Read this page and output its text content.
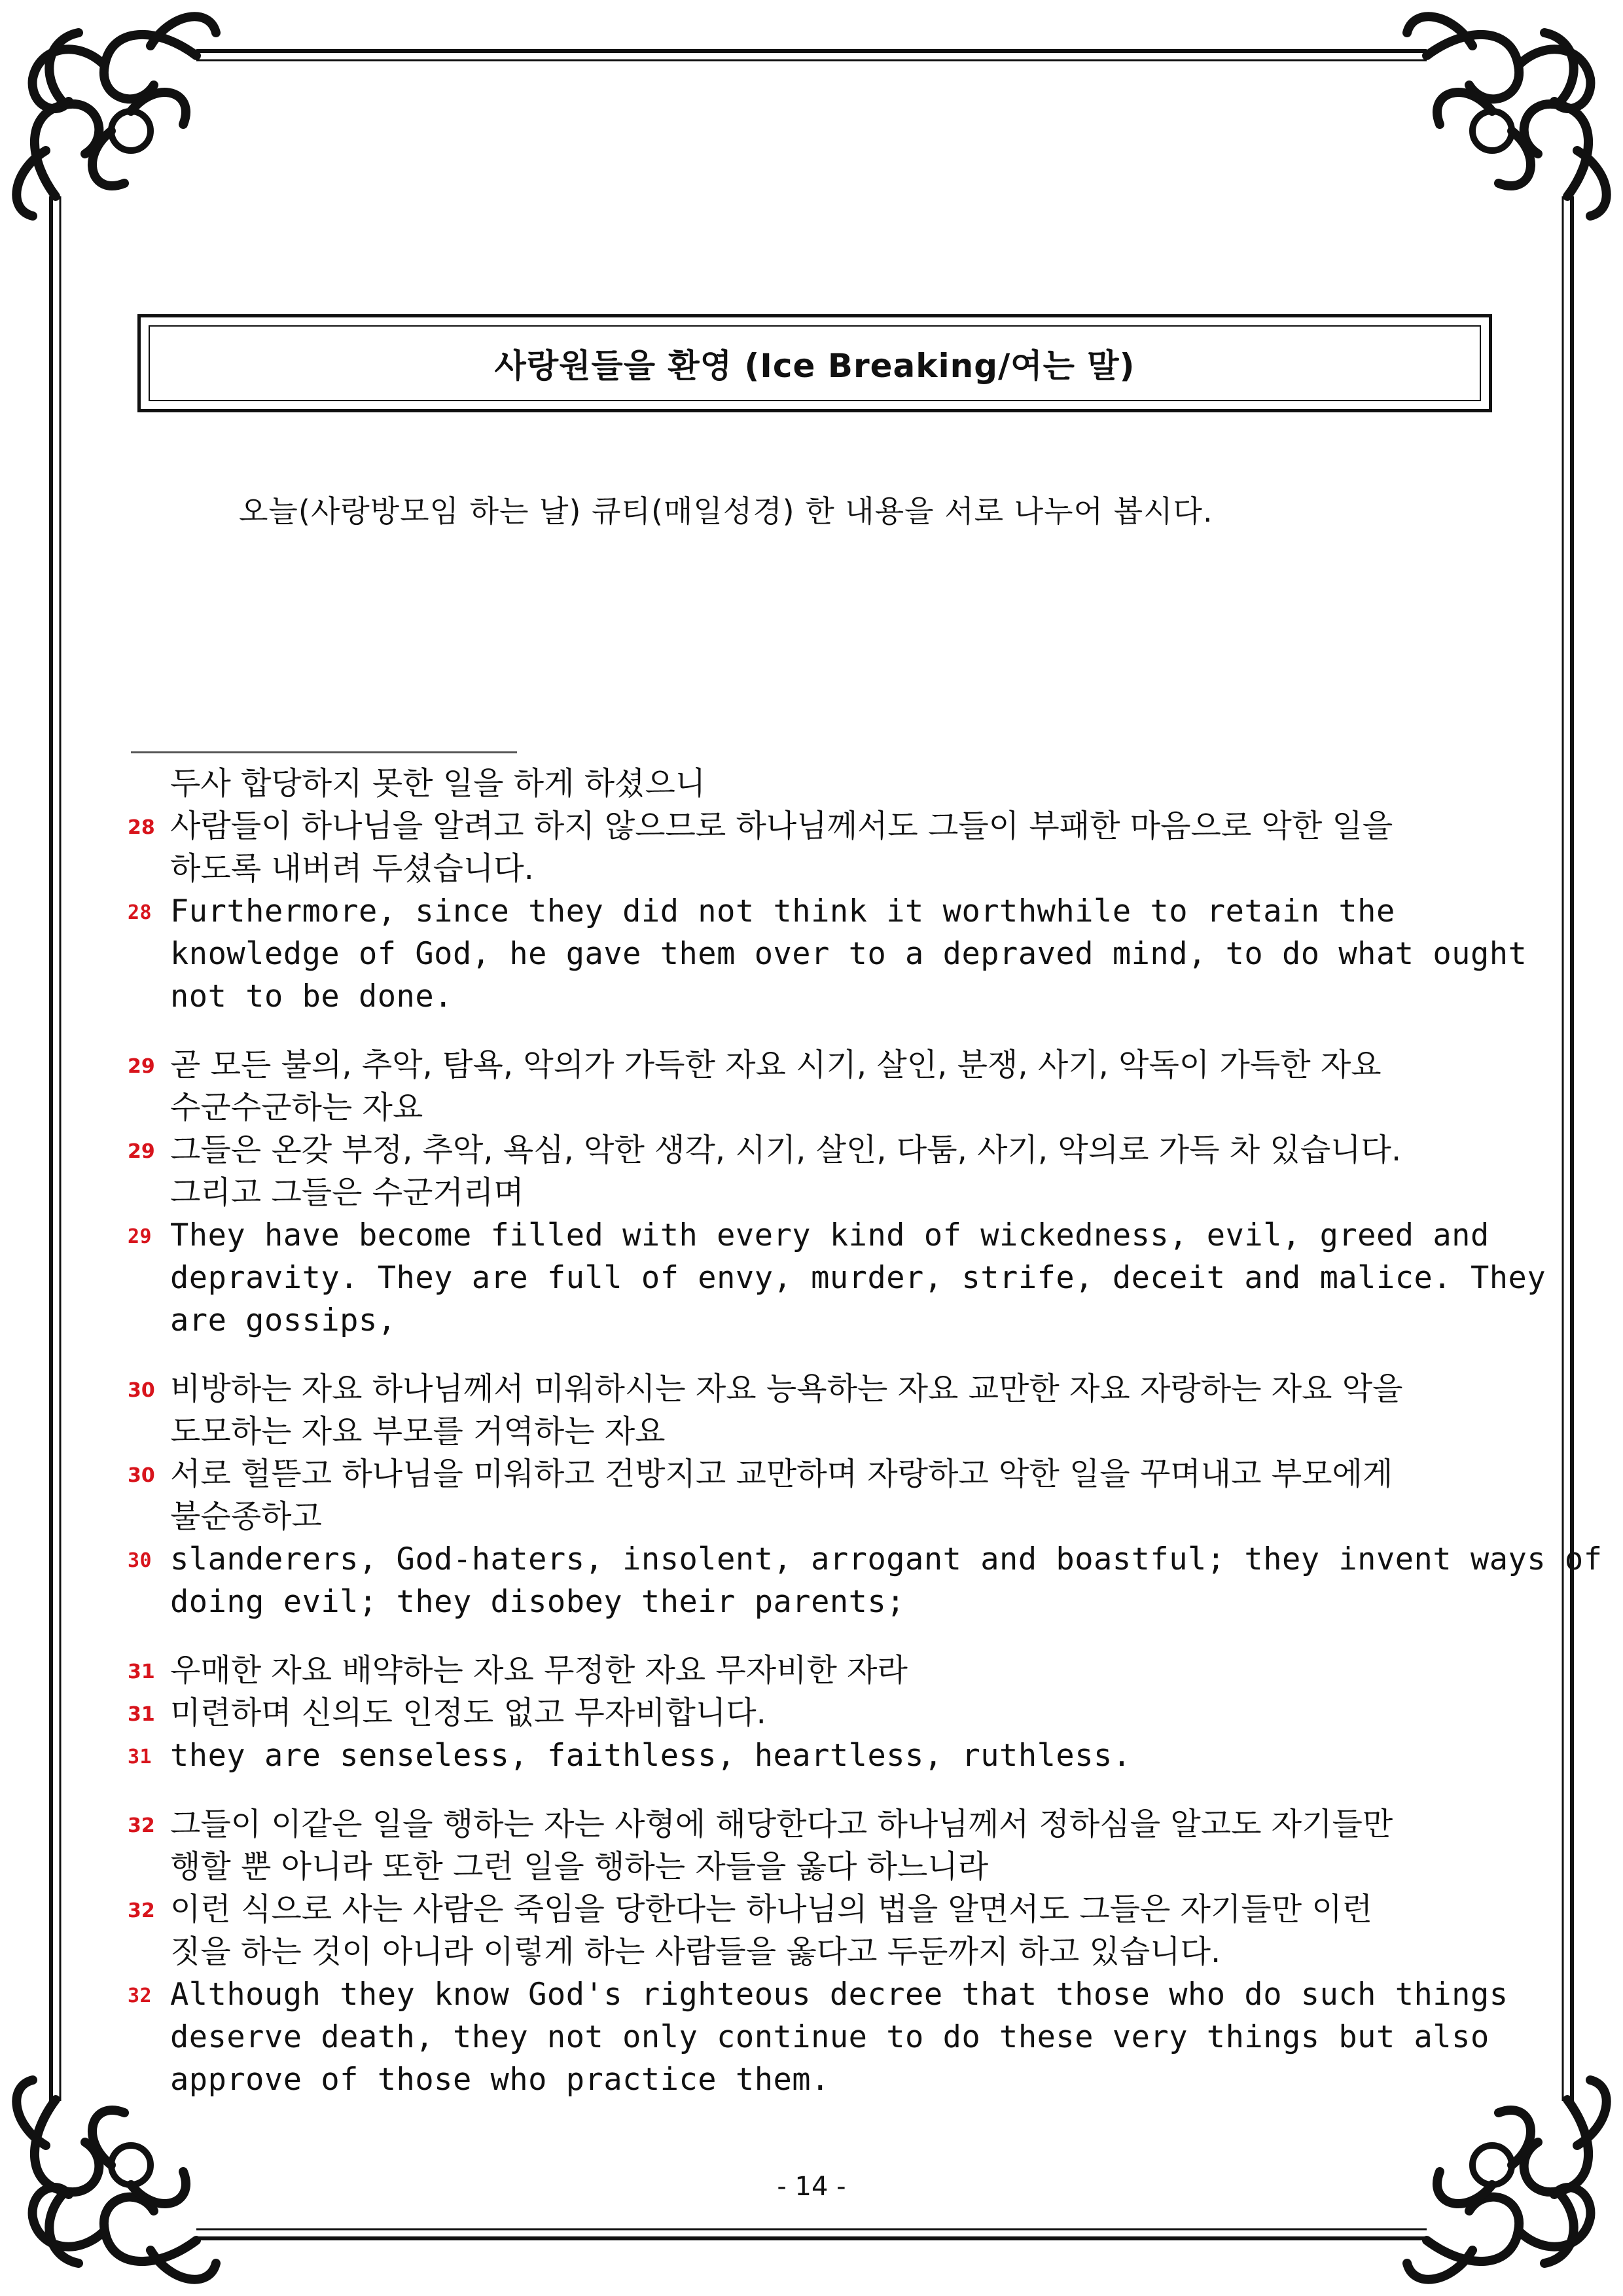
사랑원들을 환영 (Ice Breaking/여는 말)
오늘(사랑방모임 하는 날) 큐티(매일성경) 한 내용을 서로 나누어 봅시다.
두사 합당하지 못한 일을 하게 하셨으니
28 사람들이 하나님을 알려고 하지 않으므로 하나님께서도 그들이 부패한 마음으로 악한 일을
하도록 내버려 두셨습니다.
28 Furthermore, since they did not think it worthwhile to retain the
knowledge of God, he gave them over to a depraved mind, to do what ought
not to be done.
29 곧 모든 불의, 추악, 탐욕, 악의가 가득한 자요 시기, 살인, 분쟁, 사기, 악독이 가득한 자요
수군수군하는 자요
29 그들은 온갖 부정, 추악, 욕심, 악한 생각, 시기, 살인, 다툼, 사기, 악의로 가득 차 있습니다.
그리고 그들은 수군거리며
29 They have become filled with every kind of wickedness, evil, greed and
depravity. They are full of envy, murder, strife, deceit and malice. They
are gossips,
30 비방하는 자요 하나님께서 미워하시는 자요 능욕하는 자요 교만한 자요 자랑하는 자요 악을
도모하는 자요 부모를 거역하는 자요
30 서로 헐뜯고 하나님을 미워하고 건방지고 교만하며 자랑하고 악한 일을 꾸며내고 부모에게
불순종하고
30 slanderers, God-haters, insolent, arrogant and boastful; they invent ways of
doing evil; they disobey their parents;
31 우매한 자요 배약하는 자요 무정한 자요 무자비한 자라
31 미련하며 신의도 인정도 없고 무자비합니다.
31 they are senseless, faithless, heartless, ruthless.
32 그들이 이같은 일을 행하는 자는 사형에 해당한다고 하나님께서 정하심을 알고도 자기들만
행할 뿐 아니라 또한 그런 일을 행하는 자들을 옳다 하느니라
32 이런 식으로 사는 사람은 죽임을 당한다는 하나님의 법을 알면서도 그들은 자기들만 이런
짓을 하는 것이 아니라 이렇게 하는 사람들을 옳다고 두둔까지 하고 있습니다.
32 Although they know God's righteous decree that those who do such things
deserve death, they not only continue to do these very things but also
approve of those who practice them.
- 14 -
